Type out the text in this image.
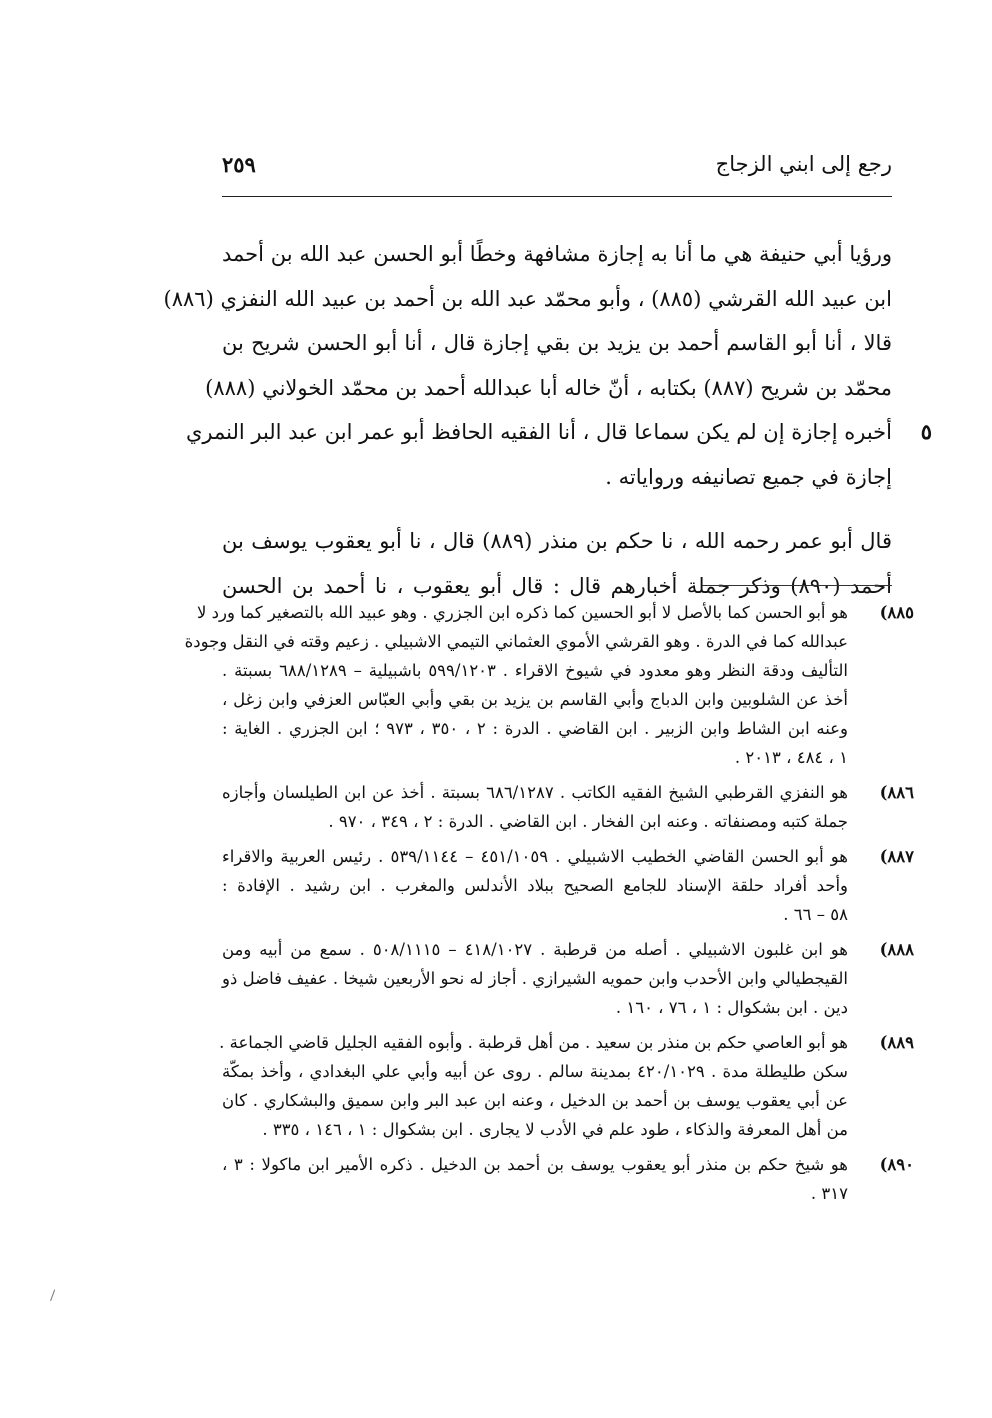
رجع إلى ابني الزجاج
٢٥٩
ورؤيا أبي حنيفة هي ما أنا به إجازة مشافهة وخطًا أبو الحسن عبد الله بن أحمد
ابن عبيد الله القرشي (٨٨٥) ، وأبو محمّد عبد الله بن أحمد بن عبيد الله النفزي (٨٨٦)
قالا ، أنا أبو القاسم أحمد بن يزيد بن بقي إجازة قال ، أنا أبو الحسن شريح بن
محمّد بن شريح (٨٨٧) بكتابه ، أنّ خاله أبا عبدالله أحمد بن محمّد الخولاني (٨٨٨)
أخبره إجازة إن لم يكن سماعا قال ، أنا الفقيه الحافظ أبو عمر ابن عبد البر النمري ٥
إجازة في جميع تصانيفه ورواياته .
قال أبو عمر رحمه الله ، نا حكم بن منذر (٨٨٩) قال ، نا أبو يعقوب يوسف بن
أحمد (٨٩٠) وذكر جملة أخبارهم قال : قال أبو يعقوب ، نا أحمد بن الحسن
٨٨٥)
هو أبو الحسن كما بالأصل لا أبو الحسين كما ذكره ابن الجزري . وهو عبيد الله بالتصغير كما ورد لا
عبدالله كما في الدرة . وهو القرشي الأموي العثماني التيمي الاشبيلي . زعيم وقته في النقل وجودة
التأليف ودقة النظر وهو معدود في شيوخ الاقراء . ٥٩٩/١٢٠٣ باشبيلية – ٦٨٨/١٢٨٩ بسبتة .
أخذ عن الشلوبين وابن الدباج وأبي القاسم بن يزيد بن بقي وأبي العبّاس العزفي وابن زغل ،
وعنه ابن الشاط وابن الزبير . ابن القاضي . الدرة : ٢ ، ٣٥٠ ، ٩٧٣ ؛ ابن الجزري . الغاية :
١ ، ٤٨٤ ، ٢٠١٣ .
٨٨٦)
هو النفزي القرطبي الشيخ الفقيه الكاتب . ٦٨٦/١٢٨٧ بسبتة . أخذ عن ابن الطيلسان وأجازه
جملة كتبه ومصنفاته . وعنه ابن الفخار . ابن القاضي . الدرة : ٢ ، ٣٤٩ ، ٩٧٠ .
٨٨٧)
هو أبو الحسن القاضي الخطيب الاشبيلي . ٤٥١/١٠٥٩ – ٥٣٩/١١٤٤ . رئيس العربية والاقراء
وأحد أفراد حلقة الإسناد للجامع الصحيح ببلاد الأندلس والمغرب . ابن رشيد . الإفادة :
٥٨ – ٦٦ .
٨٨٨)
هو ابن غلبون الاشبيلي . أصله من قرطبة . ٤١٨/١٠٢٧ – ٥٠٨/١١١٥ . سمع من أبيه ومن
القيجطيالي وابن الأحدب وابن حمويه الشيرازي . أجاز له نحو الأربعين شيخا . عفيف فاضل ذو
دين . ابن بشكوال : ١ ، ٧٦ ، ١٦٠ .
٨٨٩)
هو أبو العاصي حكم بن منذر بن سعيد . من أهل قرطبة . وأبوه الفقيه الجليل قاضي الجماعة .
سكن طليطلة مدة . ٤٢٠/١٠٢٩ بمدينة سالم . روى عن أبيه وأبي علي البغدادي ، وأخذ بمكّة
عن أبي يعقوب يوسف بن أحمد بن الدخيل ، وعنه ابن عبد البر وابن سميق والبشكاري . كان
من أهل المعرفة والذكاء ، طود علم في الأدب لا يجارى . ابن بشكوال : ١ ، ١٤٦ ، ٣٣٥ .
٨٩٠)
هو شيخ حكم بن منذر أبو يعقوب يوسف بن أحمد بن الدخيل . ذكره الأمير ابن ماكولا : ٣ ،
٣١٧ .
